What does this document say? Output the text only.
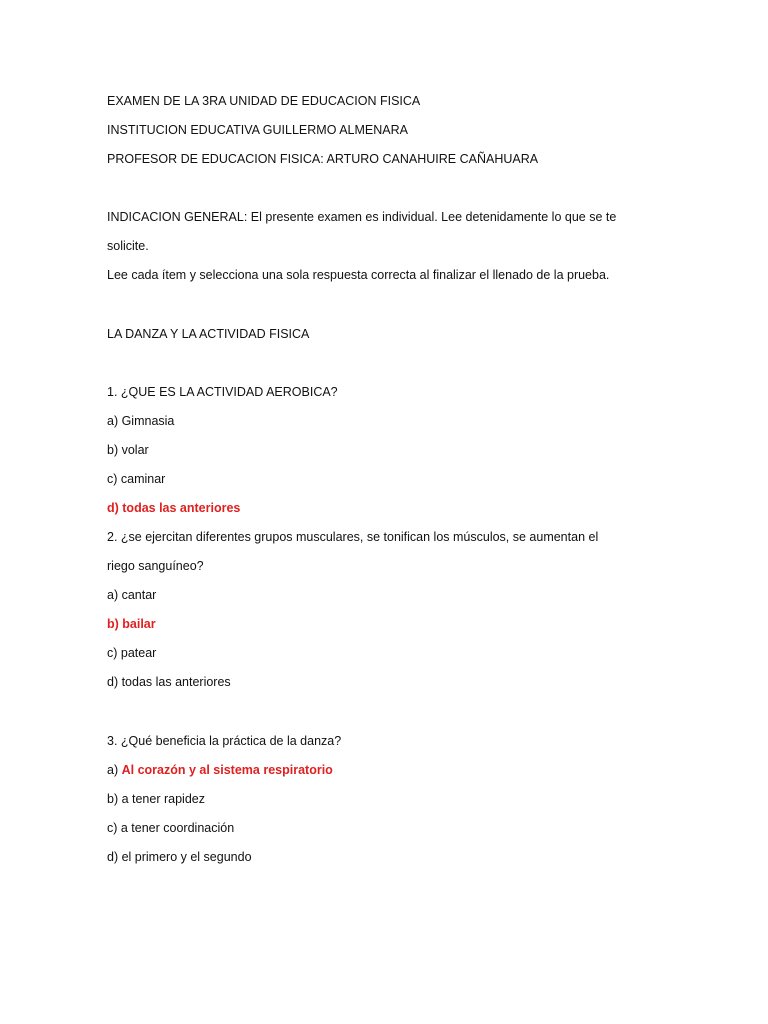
EXAMEN DE LA 3RA UNIDAD DE EDUCACION FISICA
INSTITUCION EDUCATIVA GUILLERMO ALMENARA
PROFESOR DE EDUCACION FISICA: ARTURO CANAHUIRE CAÑAHUARA
INDICACION GENERAL: El presente examen es individual. Lee detenidamente lo que se te
solicite.
Lee cada ítem y selecciona una sola respuesta correcta al finalizar el llenado de la prueba.
LA DANZA Y LA ACTIVIDAD FISICA
1. ¿QUE ES LA ACTIVIDAD AEROBICA?
a) Gimnasia
b) volar
c) caminar
d) todas las anteriores
2. ¿se ejercitan diferentes grupos musculares, se tonifican los músculos, se aumentan el
riego sanguíneo?
a) cantar
b) bailar
c) patear
d) todas las anteriores
3. ¿Qué beneficia la práctica de la danza?
a) Al corazón y al sistema respiratorio
b) a tener rapidez
c) a tener coordinación
d) el primero y el segundo
